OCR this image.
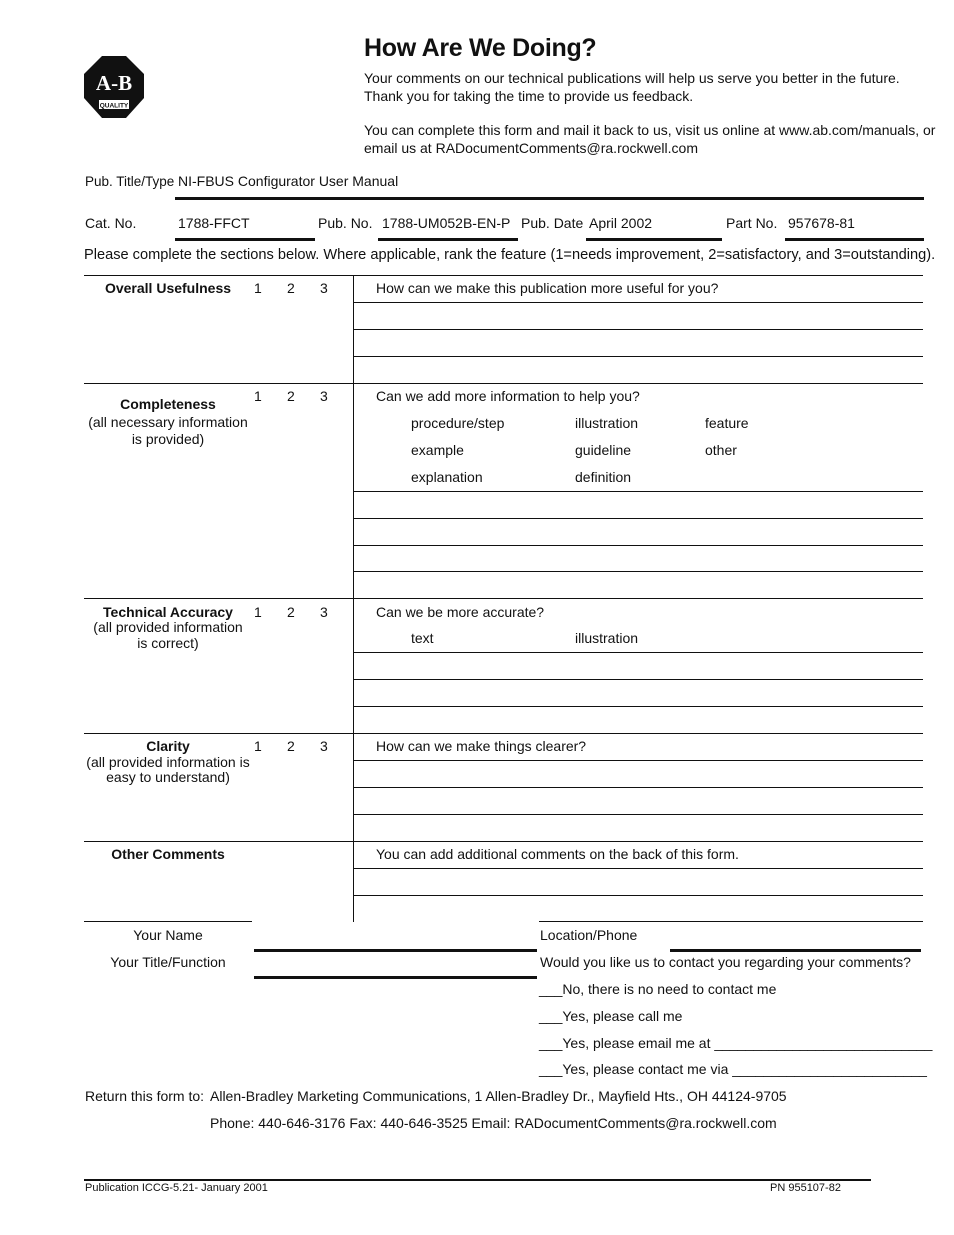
A-B
QUALITY
How Are We Doing?
Your comments on our technical publications will help us serve you better in the future.
Thank you for taking the time to provide us feedback.
You can complete this form and mail it back to us, visit us online at www.ab.com/manuals, or
email us at RADocumentComments@ra.rockwell.com
Pub. Title/Type NI-FBUS Configurator User Manual
Cat. No.	1788-FFCT	Pub. No. 1788-UM052B-EN-P Pub. Date April 2002	Part No. 957678-81
Please complete the sections below. Where applicable, rank the feature (1=needs improvement, 2=satisfactory, and 3=outstanding).
Overall Usefulness	1 2 3	How can we make this publication more useful for you?
Completeness
(all necessary information
is provided)
1 2 3	Can we add more information to help you?
procedure/step	illustration	feature
example	guideline	other
explanation	definition
Technical Accuracy
(all provided information
is correct)
1 2 3	Can we be more accurate?
text	illustration
Clarity
(all provided information is
easy to understand)
1 2 3	How can we make things clearer?
Other Comments	You can add additional comments on the back of this form.
Your Name	Location/Phone
Your Title/Function	Would you like us to contact you regarding your comments?
___No, there is no need to contact me
___Yes, please call me
___Yes, please email me at ____________________________
___Yes, please contact me via _________________________
Return this form to: Allen-Bradley Marketing Communications, 1 Allen-Bradley Dr., Mayfield Hts., OH 44124-9705
Phone: 440-646-3176 Fax: 440-646-3525 Email: RADocumentComments@ra.rockwell.com
Publication ICCG-5.21- January 2001	PN 955107-82
